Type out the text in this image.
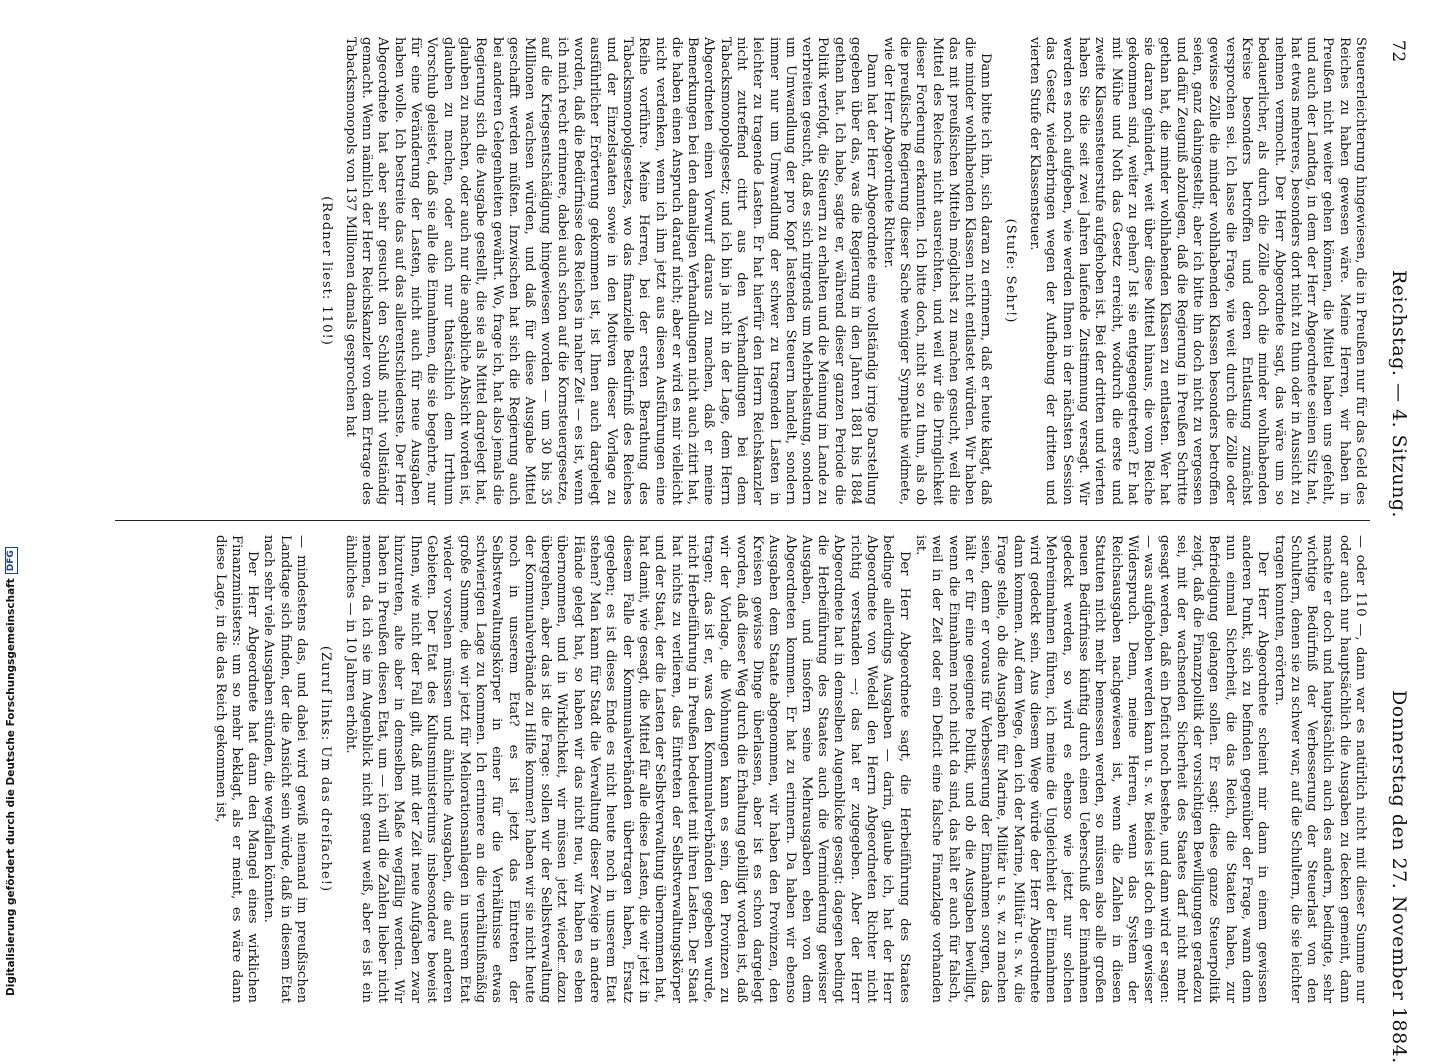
72
Reichstag. — 4. Sitzung.
Donnerstag den 27. November 1884.

Steuererleichterung hingewiesen, die in Preußen nur für das Geld des Reiches zu haben gewesen wäre. Meine Herren, wir haben in Preußen nicht weiter gehen können, die Mittel haben uns gefehlt, und auch der Landtag, in dem der Herr Abgeordnete seinen Sitz hat, hat etwas mehreres, besonders dort nicht zu thun oder in Aussicht zu nehmen vermocht. Der Herr Abgeordnete sagt, das wäre um so bedauerlicher, als durch die Zölle doch die minder wohlhabenden Kreise besonders betroffen und deren Entlastung zunächst versprochen sei. Ich lasse die Frage, wie weit durch die Zölle oder gewisse Zölle die minder wohlhabenden Klassen besonders betroffen seien, ganz dahingestellt; aber ich bitte ihn doch nicht zu vergessen und dafür Zeugniß abzulegen, daß die Regierung in Preußen Schritte gethan hat, die minder wohlhabenden Klassen zu entlasten. Wer hat sie daran gehindert, weit über diese Mittel hinaus, die vom Reiche gekommen sind, weiter zu gehen? Ist sie entgegengetreten? Er hat mit Mühe und Noth das Gesetz erreicht, wodurch die erste und zweite Klassensteuerstufe aufgehoben ist. Bei der dritten und vierten haben Sie die seit zwei Jahren laufende Zustimmung versagt. Wir werden es noch aufgeben, wie werden Ihnen in der nächsten Session das Gesetz wiederbringen wegen der Aufhebung der dritten und vierten Stufe der Klassensteuer.

(Stufe: Sehr!)

Dann bitte ich ihn, sich daran zu erinnern, daß er heute klagt, daß die minder wohlhabenden Klassen nicht entlastet würden. Wir haben das mit preußischen Mitteln möglichst zu machen gesucht, weil die Mittel des Reiches nicht ausreichten, und weil wir die Dringlichkeit dieser Forderung erkannten. Ich bitte doch, nicht so zu thun, als ob die preußische Regierung dieser Sache weniger Sympathie widmete, wie der Herr Abgeordnete Richter.

Dann hat der Herr Abgeordnete eine vollständig irrige Darstellung gegeben über das, was die Regierung in den Jahren 1881 bis 1884 gethan hat. Ich habe, sagte er, während dieser ganzen Periode die Politik verfolgt, die Steuern zu erhalten und die Meinung im Lande zu verbreiten gesucht, daß es sich nirgends um Mehrbelastung, sondern um Umwandlung der pro Kopf lastenden Steuern handelt, sondern immer nur um Umwandlung der schwer zu tragenden Lasten in leichter zu tragende Lasten. Er hat hierfür den Herrn Reichskanzler nicht zutreffend citirt aus den Verhandlungen bei dem Tabacksmonopolgesetz; und ich bin ja nicht in der Lage, dem Herrn Abgeordneten einen Vorwurf daraus zu machen, daß er meine Bemerkungen bei den damaligen Verhandlungen nicht auch zitirt hat, die haben einen Anspruch darauf nicht; aber er wird es mir vielleicht nicht verdenken, wenn ich ihm jetzt aus diesen Ausführungen eine Reihe vorführe. Meine Herren, bei der ersten Berathung des Tabacksmonopolgesetzes, wo das finanzielle Bedürfniß des Reiches und der Einzelstaaten sowie in den Motiven dieser Vorlage zu ausführlicher Erörterung gekommen ist, ist Ihnen auch dargelegt worden, daß die Bedürfnisse des Reiches in naher Zeit — es ist, wenn ich mich recht erinnere, dabei auch schon auf die Kornsteuergesetze, auf die Kriegsentschädigung hingewiesen worden — um 30 bis 35 Millionen wachsen würden, und daß für diese Ausgabe Mittel geschafft werden müßten. Inzwischen hat sich die Regierung auch bei anderen Gelegenheiten gewährt. Wo, frage ich, hat also jemals die Regierung sich die Ausgabe gestellt, die sie als Mittel dargelegt hat, glauben zu machen, oder auch nur die angebliche Absicht worden ist, glauben zu machen, oder auch nur thatsächlich dem Irrthum Vorschub geleistet, daß sie alle die Einnahmen, die sie begehrte, nur für eine Veränderung der Lasten, nicht auch für neue Ausgaben haben wolle. Ich bestreite das auf das allerentschiedenste. Der Herr Abgeordnete hat aber sehr gesucht den Schluß nicht vollständig gemacht. Wenn nämlich der Herr Reichskanzler von dem Ertrage des Tabacksmonopols von 137 Millionen damals gesprochen hat

(Redner liest: 110!)

— oder 110 —, dann war es natürlich nicht mit dieser Summe nur oder auch nur hauptsächlich die Ausgaben zu decken gemeint, dann machte er doch und hauptsächlich auch des andern, bedingte, sehr wichtige Bedürfniß der Verbesserung der Steuerlast von den Schultern, denen sie zu schwer war, auf die Schultern, die sie leichter tragen konnten, erörtern.

Der Herr Abgeordnete scheint mir dann in einem gewissen anderen Punkt, sich zu befinden gegenüber der Frage, wann denn nun einmal Sicherheit, die das Reich, die Staaten haben, zur Befriedigung gelangen sollen. Er sagt: diese ganze Steuerpolitik zeigt, daß die Finanzpolitik der vorsichtigen Bewilligungen geradezu sei, mit der wachsenden Sicherheit des Staates darf nicht mehr gesagt werden, daß ein Deficit noch bestehe, und dann wird er sagen: — was aufgehoben werden kann u. s. w. Beides ist doch ein gewisser Widerspruch. Denn, meine Herren, wenn das System der Reichsausgaben nachgewiesen ist, wenn die Zahlen in diesen Statuten nicht mehr bemessen werden, so müssen also alle großen neuen Bedürfnisse künftig durch einen Ueberschuß der Einnahmen gedeckt werden, so wird es ebenso wie jetzt nur solchen Mehreinnahmen führen, ich meine die Ungleichheit der Einnahmen wird gedeckt sein. Aus diesem Wege würde der Herr Abgeordnete dann kommen. Auf dem Wege, den ich der Marine, Militär u. s. w. die Frage stelle, ob die Ausgaben für Marine, Militär u. s. w. zu machen seien, denn er voraus für Verbesserung der Einnahmen sorgen, das hält er für eine geeignete Politik, und ob die Ausgaben bewilligt, wenn die Einnahmen noch nicht da sind, das hält er auch für falsch, weil in der Zeit oder ein Deficit eine falsche Finanzlage vorhanden ist.

Der Herr Abgeordnete sagt, die Herbeiführung des Staates bedinge allerdings Ausgaben — darin, glaube ich, hat der Herr Abgeordnete von Wedell den Herrn Abgeordneten Richter nicht richtig verstanden —; das hat er zugegeben. Aber der Herr Abgeordnete hat in demselben Augenblicke gesagt: dagegen bedingt die Herbeiführung des Staates auch die Verminderung gewisser Ausgaben, und insofern seine Mehrausgaben eben von dem Abgeordneten kommen. Er hat zu erinnern. Da haben wir ebenso Ausgaben dem Staate abgenommen, wir haben den Provinzen, den Kreisen gewisse Dinge überlassen, aber ist es schon dargelegt worden, daß dieser Weg durch die Erhaltung gebilligt worden ist, daß wir der Vorlage, die Wohnungen kann es sein, den Provinzen zu tragen; das ist er, was den Kommunalverbänden gegeben wurde, nicht Herbeiführung in Preußen bedeutet mit ihren Lasten. Der Staat hat nichts zu verlieren, das Eintreten der Selbstverwaltungskörper und der Staat, der die Lasten der Selbstverwaltung übernommen hat, hat damit, wie gesagt, die Mittel für alle diese Lasten, die wir jetzt in diesem Falle der Kommunalverbänden übertragen haben, Ersatz gegeben; es ist dieses Ende es nicht heute noch in unserem Etat stehen? Man kann für Stadt die Verwaltung dieser Zweige in andere Hände gelegt hat, so haben wir das nicht neu, wir haben es eben übernommen, und in Wirklichkeit, wir müssen jetzt wieder dazu übergehen, aber das ist die Frage: sollen wir der Selbstverwaltung der Kommunalverbände zu Hilfe kommen? haben wir sie nicht heute noch in unserem Etat? es ist jetzt das Eintreten der Selbstverwaltungskörper in einer für die Verhältnisse etwas schwierigen Lage zu kommen. Ich erinnere an die verhältnißmäßig große Summe, die wir jetzt für Meliorationsanlagen in unserem Etat wieder vorsehen müssen und ähnliche Ausgaben, die auf anderen Gebieten. Der Etat des Kultusministeriums insbesondere beweist Ihnen, wie nicht der Fall gilt, daß mit der Zeit neue Aufgaben zwar hinzutreten, alte aber in demselben Maße wegfällig werden. Wir haben in Preußen diesen Etat, um — ich will die Zahlen lieber nicht nennen, da ich sie im Augenblick nicht genau weiß, aber es ist ein ähnliches — in 10 Jahren erhöht.

(Zuruf links: Um das dreifache!)

— mindestens das, und dabei wird gewiß niemand im preußischen Landtage sich finden, der die Ansicht sein würde, daß in diesem Etat nach sehr viele Ausgaben stünden, die wegfallen könnten.

Der Herr Abgeordnete hat dann den Mangel eines wirklichen Finanzministers: um so mehr beklagt, als er meint, es wäre dann diese Lage, in die das Reich gekommen ist,

Digitalisierung gefördert durch die Deutsche ForschungsgemeinschaftDFG
